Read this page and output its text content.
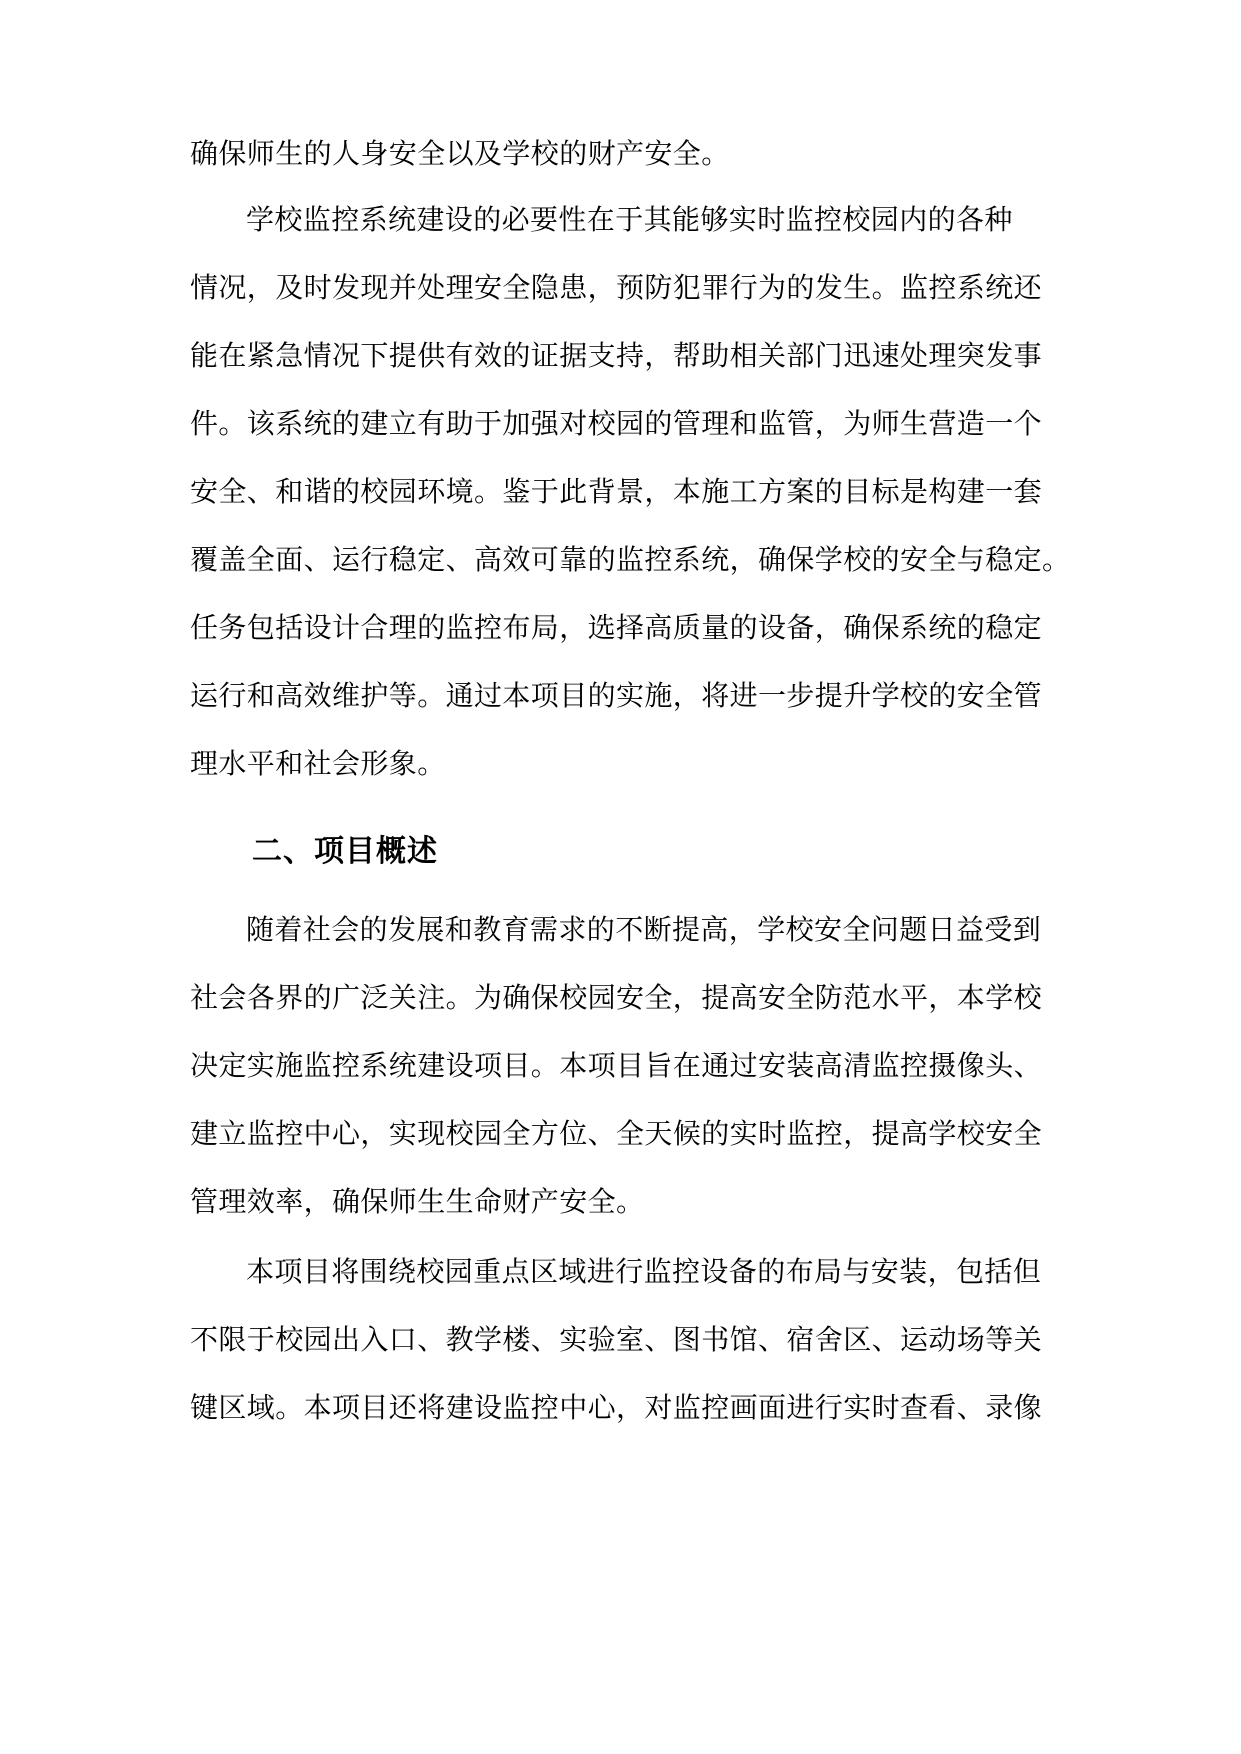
确保师生的人身安全以及学校的财产安全。
学校监控系统建设的必要性在于其能够实时监控校园内的各种
情况，及时发现并处理安全隐患，预防犯罪行为的发生。监控系统还
能在紧急情况下提供有效的证据支持，帮助相关部门迅速处理突发事
件。该系统的建立有助于加强对校园的管理和监管，为师生营造一个
安全、和谐的校园环境。鉴于此背景，本施工方案的目标是构建一套
覆盖全面、运行稳定、高效可靠的监控系统，确保学校的安全与稳定。
任务包括设计合理的监控布局，选择高质量的设备，确保系统的稳定
运行和高效维护等。通过本项目的实施，将进一步提升学校的安全管
理水平和社会形象。
二、项目概述
随着社会的发展和教育需求的不断提高，学校安全问题日益受到
社会各界的广泛关注。为确保校园安全，提高安全防范水平，本学校
决定实施监控系统建设项目。本项目旨在通过安装高清监控摄像头、
建立监控中心，实现校园全方位、全天候的实时监控，提高学校安全
管理效率，确保师生生命财产安全。
本项目将围绕校园重点区域进行监控设备的布局与安装，包括但
不限于校园出入口、教学楼、实验室、图书馆、宿舍区、运动场等关
键区域。本项目还将建设监控中心，对监控画面进行实时查看、录像
